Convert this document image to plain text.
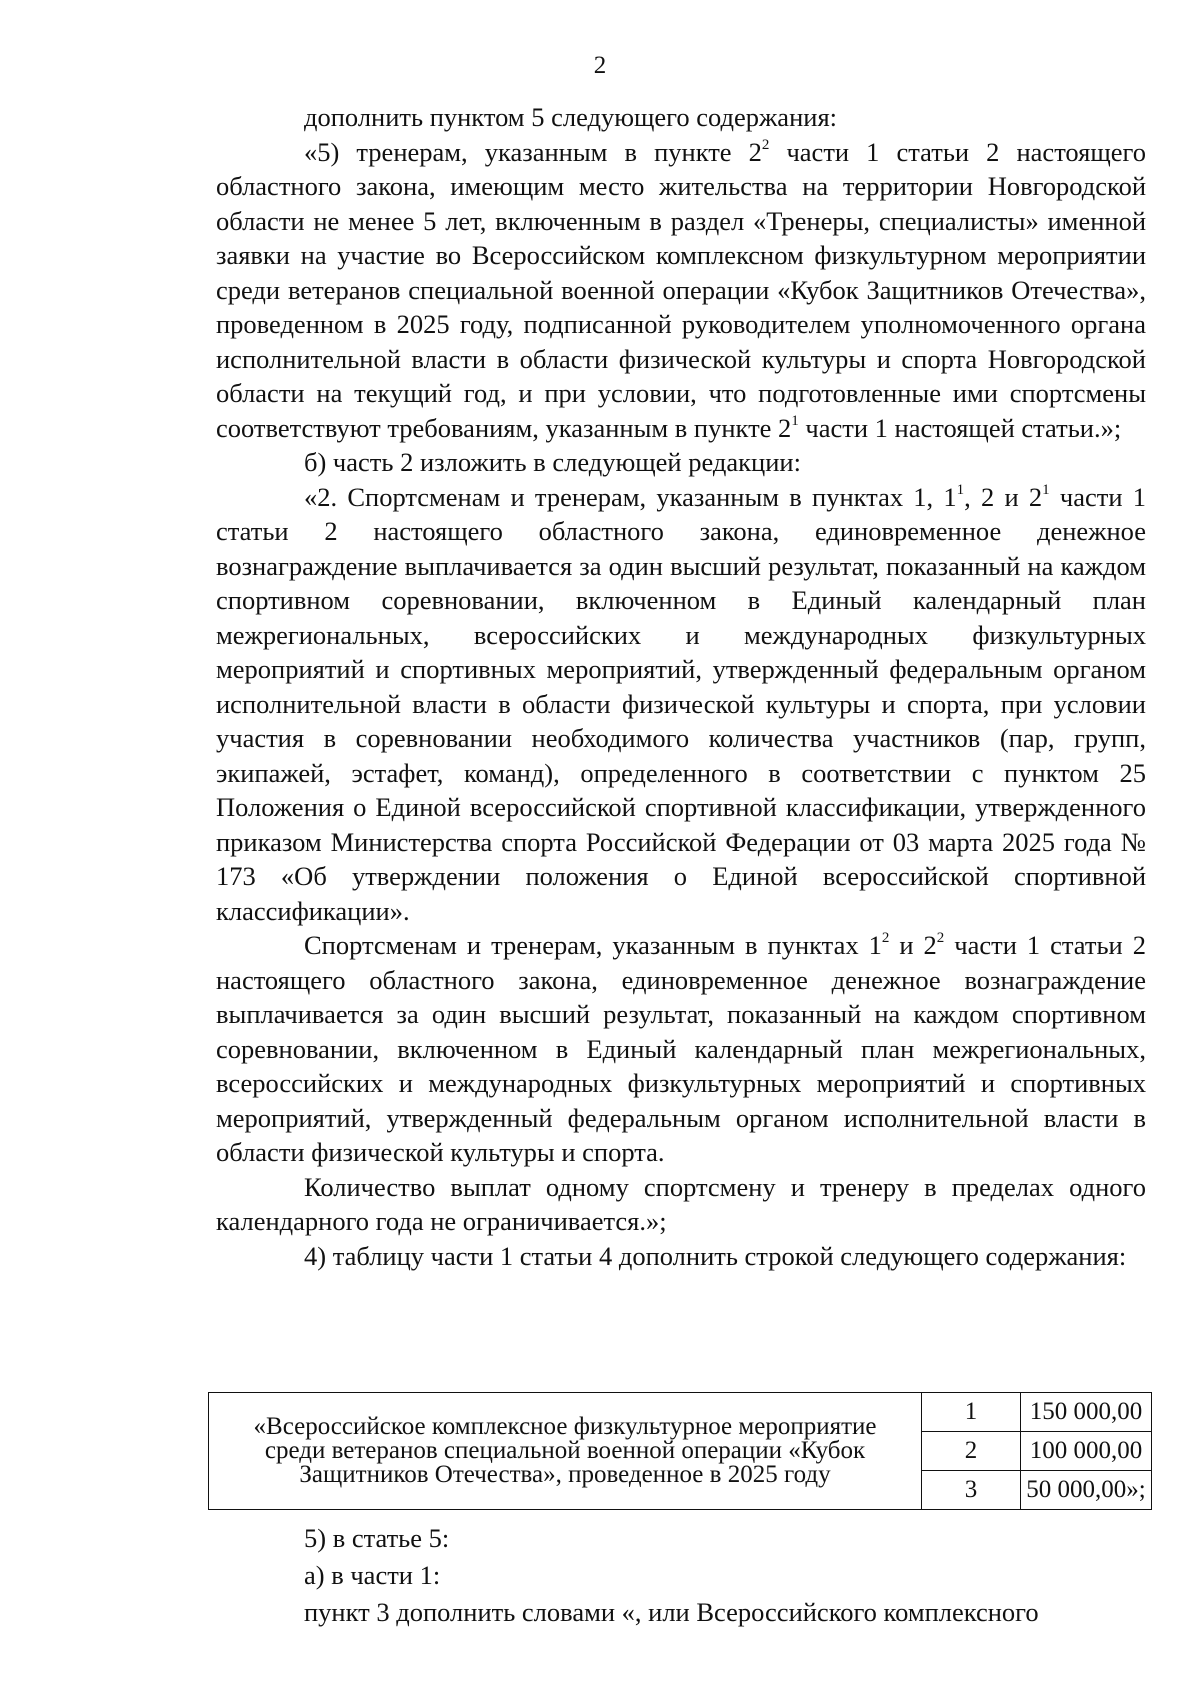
2

дополнить пунктом 5 следующего содержания:

«5) тренерам, указанным в пункте $2^2$ части 1 статьи 2 настоящего областного закона, имеющим место жительства на территории Новгородской области не менее 5 лет, включенным в раздел «Тренеры, специалисты» именной заявки на участие во Всероссийском комплексном физкультурном мероприятии среди ветеранов специальной военной операции «Кубок Защитников Отечества», проведенном в 2025 году, подписанной руководителем уполномоченного органа исполнительной власти в области физической культуры и спорта Новгородской области на текущий год, и при условии, что подготовленные ими спортсмены соответствуют требованиям, указанным в пункте $2^1$ части 1 настоящей статьи.»;

б) часть 2 изложить в следующей редакции:

«2. Спортсменам и тренерам, указанным в пунктах 1, $1^1$, 2 и $2^1$ части 1 статьи 2 настоящего областного закона, единовременное денежное вознаграждение выплачивается за один высший результат, показанный на каждом спортивном соревновании, включенном в Единый календарный план межрегиональных, всероссийских и международных физкультурных мероприятий и спортивных мероприятий, утвержденный федеральным органом исполнительной власти в области физической культуры и спорта, при условии участия в соревновании необходимого количества участников (пар, групп, экипажей, эстафет, команд), определенного в соответствии с пунктом 25 Положения о Единой всероссийской спортивной классификации, утвержденного приказом Министерства спорта Российской Федерации от 03 марта 2025 года № 173 «Об утверждении положения о Единой всероссийской спортивной классификации».

Спортсменам и тренерам, указанным в пунктах $1^2$ и $2^2$ части 1 статьи 2 настоящего областного закона, единовременное денежное вознаграждение выплачивается за один высший результат, показанный на каждом спортивном соревновании, включенном в Единый календарный план межрегиональных, всероссийских и международных физкультурных мероприятий и спортивных мероприятий, утвержденный федеральным органом исполнительной власти в области физической культуры и спорта.

Количество выплат одному спортсмену и тренеру в пределах одного календарного года не ограничивается.»;

4) таблицу части 1 статьи 4 дополнить строкой следующего содержания:

«Всероссийское комплексное физкультурное мероприятие среди ветеранов специальной военной операции «Кубок Защитников Отечества», проведенное в 2025 году	1	150 000,00
	2	100 000,00
	3	50 000,00»;

5) в статье 5:

а) в части 1:

пункт 3 дополнить словами «, или Всероссийского комплексного
